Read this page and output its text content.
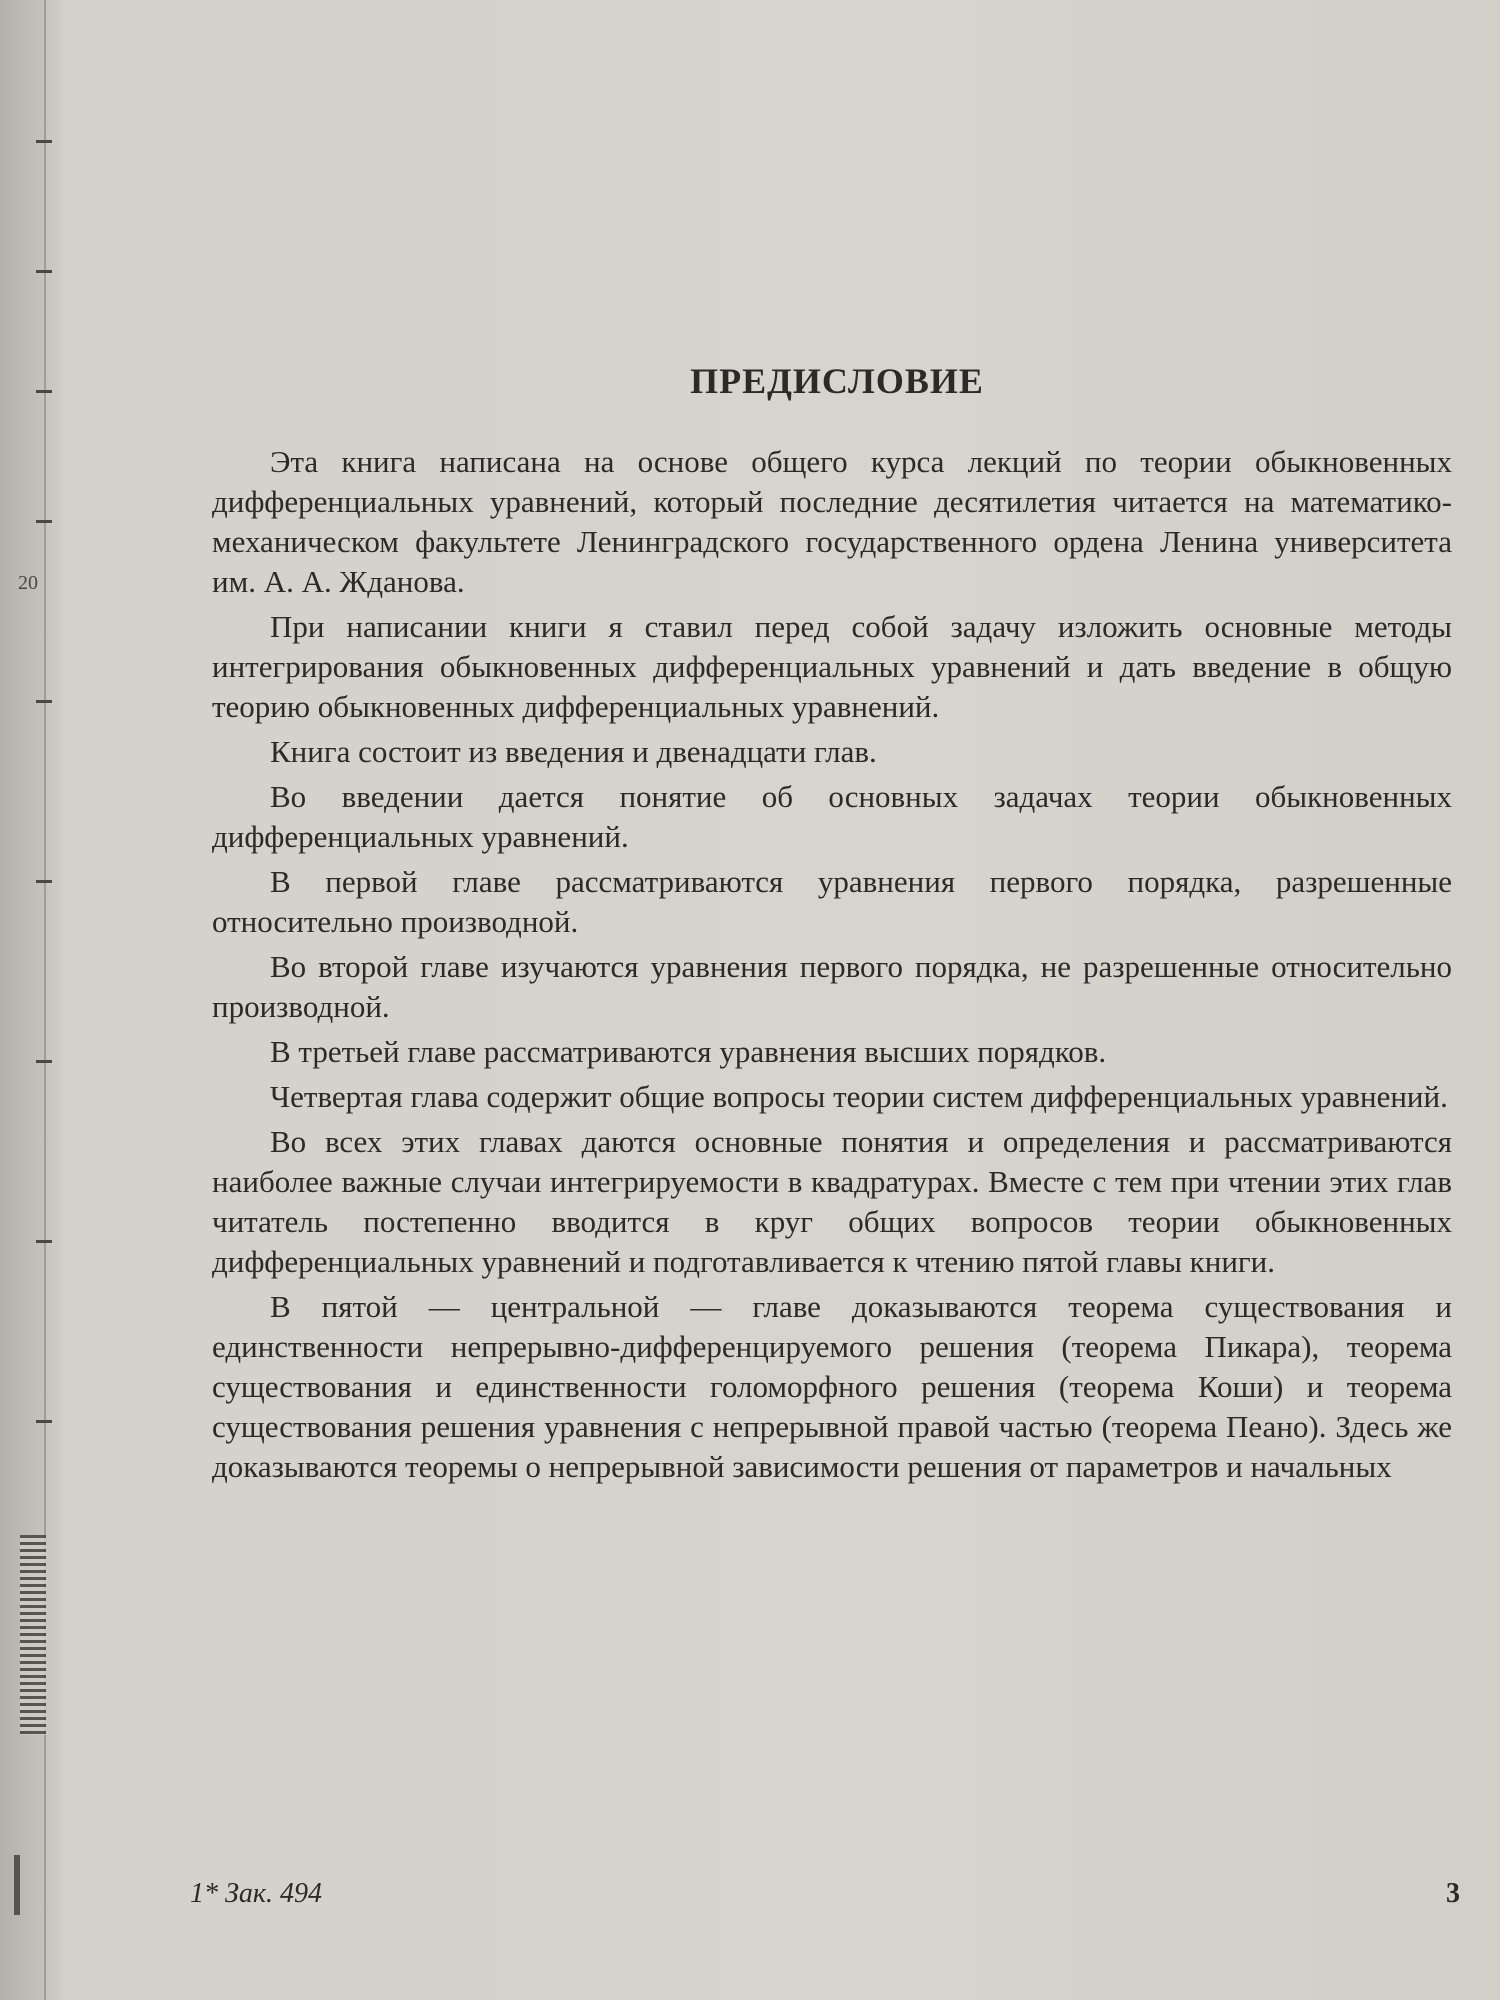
20
ПРЕДИСЛОВИЕ

Эта книга написана на основе общего курса лекций по теории обыкновенных дифференциальных уравнений, который последние десятилетия читается на математико-механическом факультете Ленинградского государственного ордена Ленина университета им. А. А. Жданова.

При написании книги я ставил перед собой задачу изложить основные методы интегрирования обыкновенных дифференциальных уравнений и дать введение в общую теорию обыкновенных дифференциальных уравнений.

Книга состоит из введения и двенадцати глав.

Во введении дается понятие об основных задачах теории обыкновенных дифференциальных уравнений.

В первой главе рассматриваются уравнения первого порядка, разрешенные относительно производной.

Во второй главе изучаются уравнения первого порядка, не разрешенные относительно производной.

В третьей главе рассматриваются уравнения высших порядков.

Четвертая глава содержит общие вопросы теории систем дифференциальных уравнений.

Во всех этих главах даются основные понятия и определения и рассматриваются наиболее важные случаи интегрируемости в квадратурах. Вместе с тем при чтении этих глав читатель постепенно вводится в круг общих вопросов теории обыкновенных дифференциальных уравнений и подготавливается к чтению пятой главы книги.

В пятой — центральной — главе доказываются теорема существования и единственности непрерывно-дифференцируемого решения (теорема Пикара), теорема существования и единственности голоморфного решения (теорема Коши) и теорема существования решения уравнения с непрерывной правой частью (теорема Пеано). Здесь же доказываются теоремы о непрерывной зависимости решения от параметров и начальных

1* Зак. 494	3
